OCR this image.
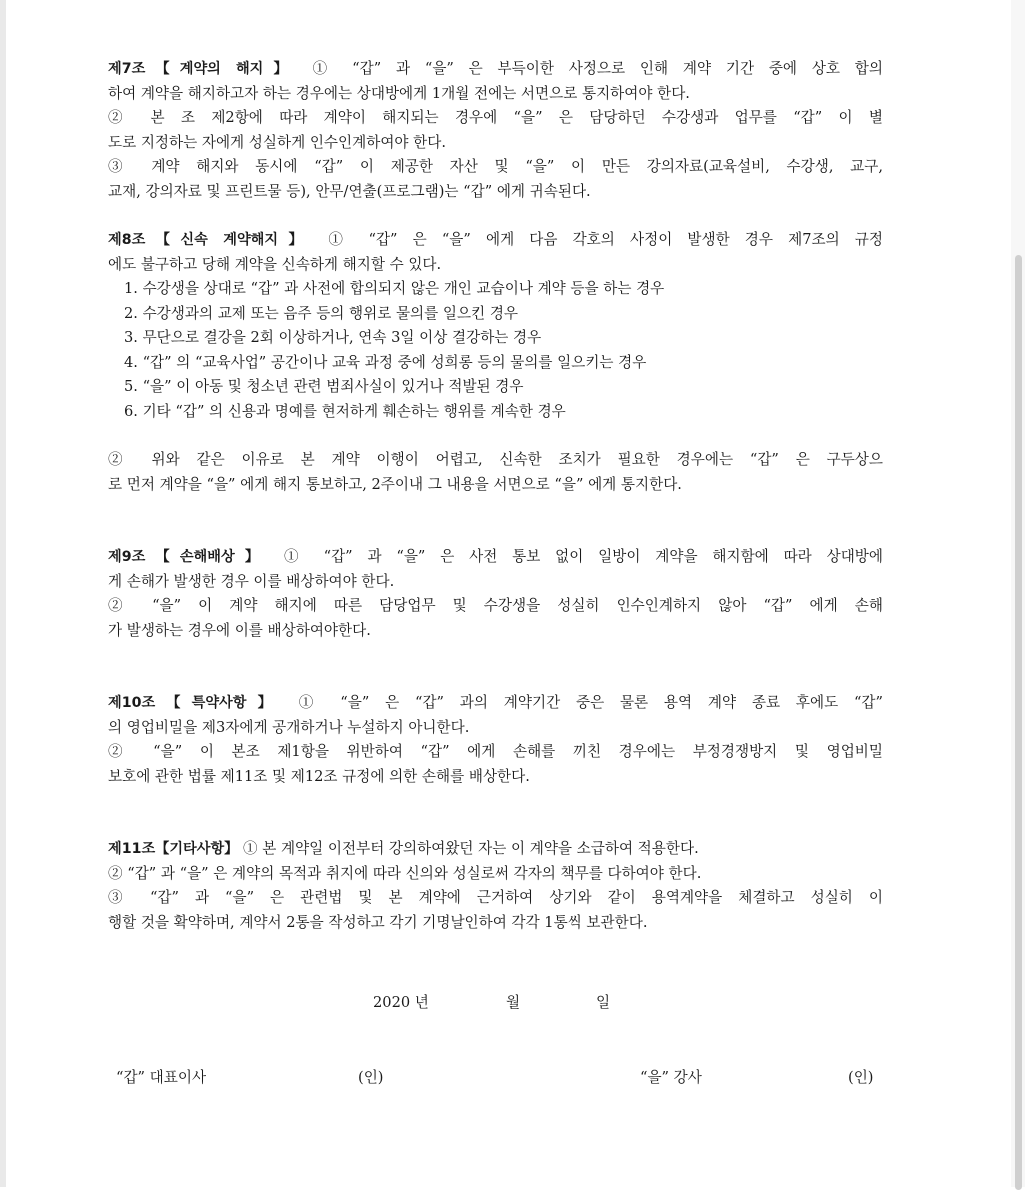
제7조【계약의 해지】 ① “갑” 과 “을” 은 부득이한 사정으로 인해 계약 기간 중에 상호 합의
하여 계약을 해지하고자 하는 경우에는 상대방에게 1개월 전에는 서면으로 통지하여야 한다.
② 본 조 제2항에 따라 계약이 해지되는 경우에 “을” 은 담당하던 수강생과 업무를 “갑” 이 별
도로 지정하는 자에게 성실하게 인수인계하여야 한다.
③ 계약 해지와 동시에 “갑” 이 제공한 자산 및 “을” 이 만든 강의자료(교육설비, 수강생, 교구,
교재, 강의자료 및 프린트물 등), 안무/연출(프로그램)는 “갑” 에게 귀속된다.
제8조【신속 계약해지】 ① “갑” 은 “을” 에게 다음 각호의 사정이 발생한 경우 제7조의 규정
에도 불구하고 당해 계약을 신속하게 해지할 수 있다.
1. 수강생을 상대로 “갑” 과 사전에 합의되지 않은 개인 교습이나 계약 등을 하는 경우
2. 수강생과의 교제 또는 음주 등의 행위로 물의를 일으킨 경우
3. 무단으로 결강을 2회 이상하거나, 연속 3일 이상 결강하는 경우
4. “갑” 의 “교육사업” 공간이나 교육 과정 중에 성희롱 등의 물의를 일으키는 경우
5. “을” 이 아동 및 청소년 관련 범죄사실이 있거나 적발된 경우
6. 기타 “갑” 의 신용과 명예를 현저하게 훼손하는 행위를 계속한 경우
② 위와 같은 이유로 본 계약 이행이 어렵고, 신속한 조치가 필요한 경우에는 “갑” 은 구두상으
로 먼저 계약을 “을” 에게 해지 통보하고, 2주이내 그 내용을 서면으로 “을” 에게 통지한다.
제9조【손해배상】 ① “갑” 과 “을” 은 사전 통보 없이 일방이 계약을 해지함에 따라 상대방에
게 손해가 발생한 경우 이를 배상하여야 한다.
② “을” 이 계약 해지에 따른 담당업무 및 수강생을 성실히 인수인계하지 않아 “갑” 에게 손해
가 발생하는 경우에 이를 배상하여야한다.
제10조【특약사항】 ① “을” 은 “갑” 과의 계약기간 중은 물론 용역 계약 종료 후에도 “갑”
의 영업비밀을 제3자에게 공개하거나 누설하지 아니한다.
② “을” 이 본조 제1항을 위반하여 “갑” 에게 손해를 끼친 경우에는 부정경쟁방지 및 영업비밀
보호에 관한 법률 제11조 및 제12조 규정에 의한 손해를 배상한다.
제11조【기타사항】 ① 본 계약일 이전부터 강의하여왔던 자는 이 계약을 소급하여 적용한다.
② “갑” 과 “을” 은 계약의 목적과 취지에 따라 신의와 성실로써 각자의 책무를 다하여야 한다.
③ “갑” 과 “을” 은 관련법 및 본 계약에 근거하여 상기와 같이 용역계약을 체결하고 성실히 이
행할 것을 확약하며, 계약서 2통을 작성하고 각기 기명날인하여 각각 1통씩 보관한다.
2020 년	월	일
“갑” 대표이사	(인)	“을” 강사	(인)
